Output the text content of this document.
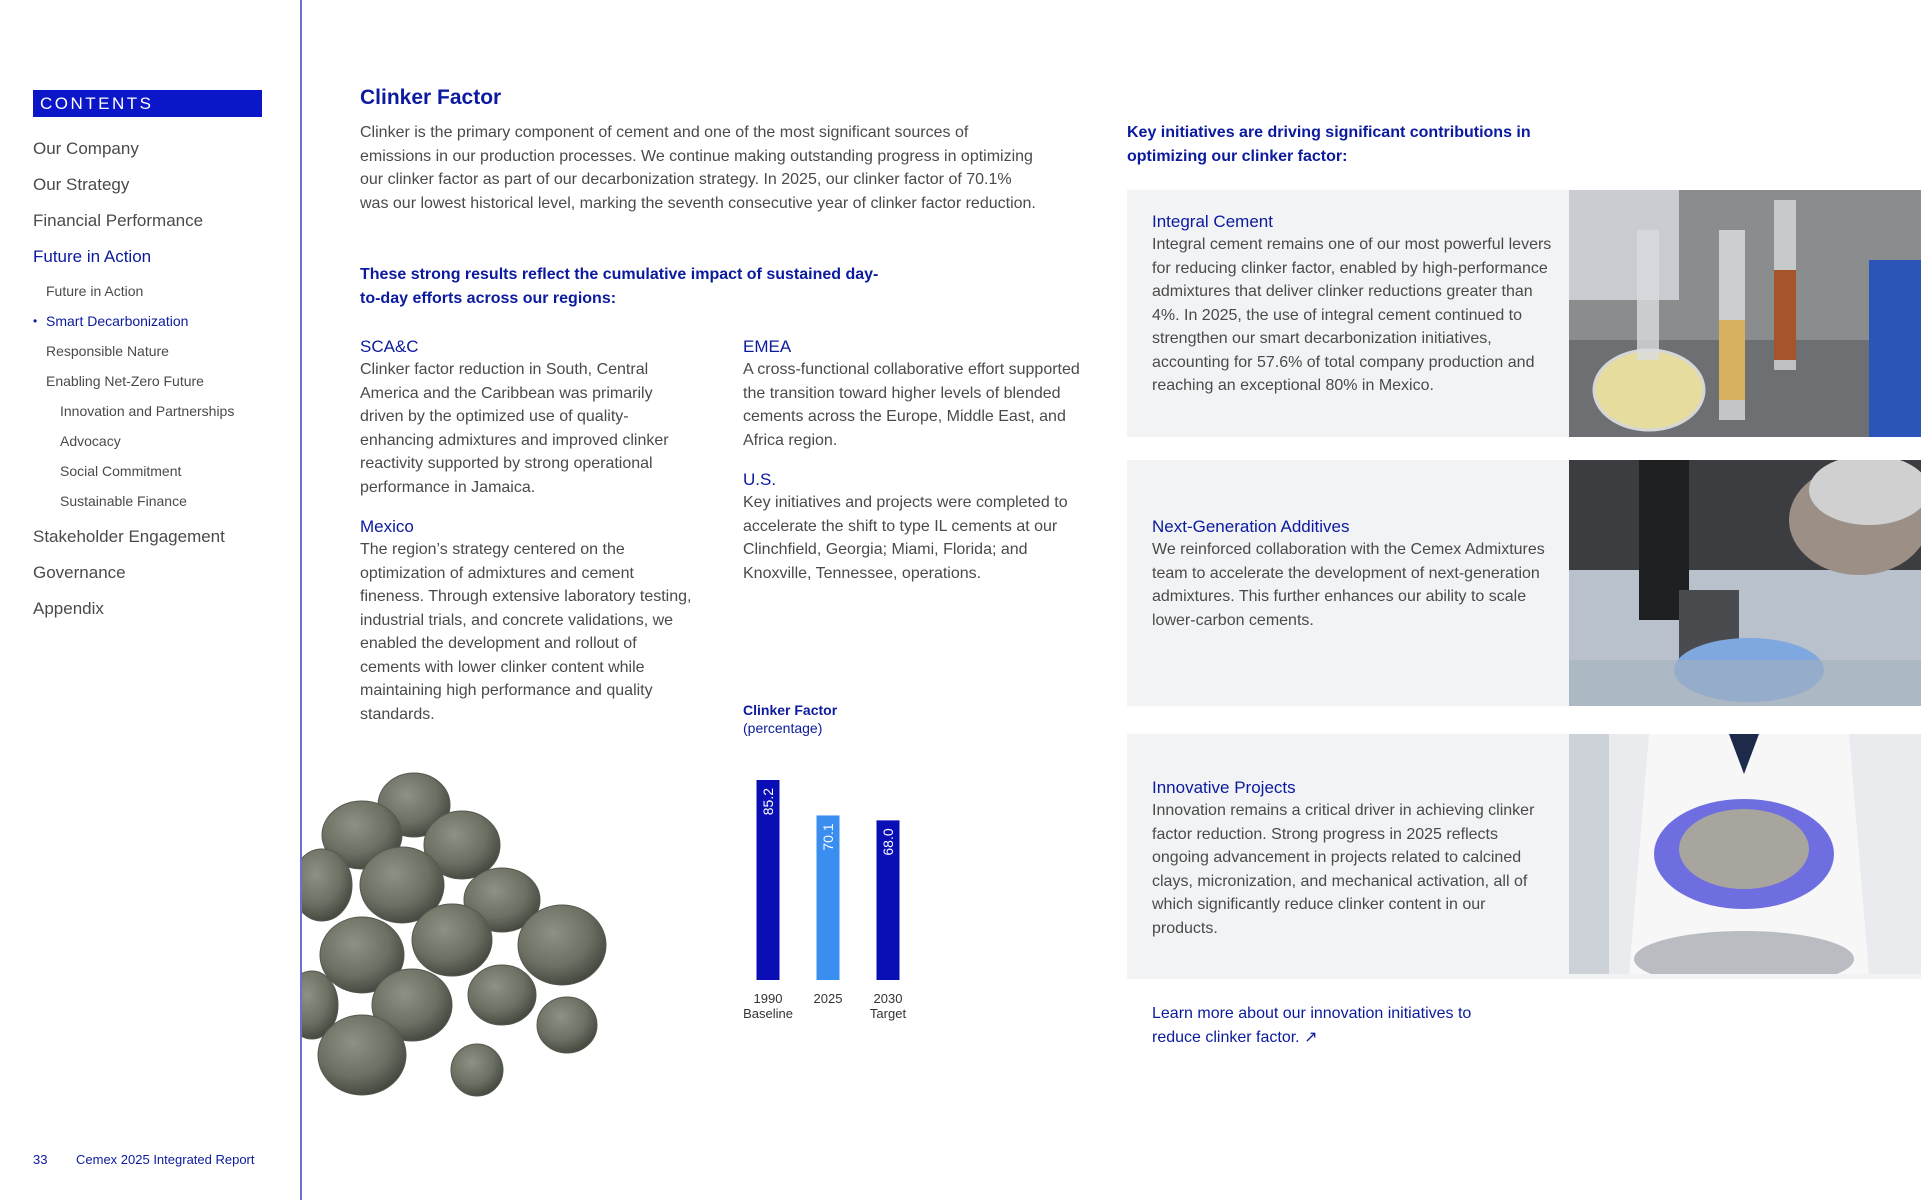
CONTENTS
Our Company
Our Strategy
Financial Performance
Future in Action
Future in Action
• Smart Decarbonization
Responsible Nature
Enabling Net-Zero Future
Innovation and Partnerships
Advocacy
Social Commitment
Sustainable Finance
Stakeholder Engagement
Governance
Appendix
33 Cemex 2025 Integrated Report
Clinker Factor

Clinker is the primary component of cement and one of the most significant sources of emissions in our production processes. We continue making outstanding progress in optimizing our clinker factor as part of our decarbonization strategy. In 2025, our clinker factor of 70.1% was our lowest historical level, marking the seventh consecutive year of clinker factor reduction.

These strong results reflect the cumulative impact of sustained day-to-day efforts across our regions:

SCA&C

Clinker factor reduction in South, Central America and the Caribbean was primarily driven by the optimized use of quality-enhancing admixtures and improved clinker reactivity supported by strong operational performance in Jamaica.

Mexico

The region’s strategy centered on the optimization of admixtures and cement fineness. Through extensive laboratory testing, industrial trials, and concrete validations, we enabled the development and rollout of cements with lower clinker content while maintaining high performance and quality standards.

EMEA

A cross-functional collaborative effort supported the transition toward higher levels of blended cements across the Europe, Middle East, and Africa region.

U.S.

Key initiatives and projects were completed to accelerate the shift to type IL cements at our Clinchfield, Georgia; Miami, Florida; and Knoxville, Tennessee, operations.

Clinker Factor
(percentage)
85.2
1990
Baseline
70.1
2025
68.0
2030
Target

Key initiatives are driving significant contributions in optimizing our clinker factor:

Integral Cement

Integral cement remains one of our most powerful levers for reducing clinker factor, enabled by high-performance admixtures that deliver clinker reductions greater than 4%. In 2025, the use of integral cement continued to strengthen our smart decarbonization initiatives, accounting for 57.6% of total company production and reaching an exceptional 80% in Mexico.

Next-Generation Additives

We reinforced collaboration with the Cemex Admixtures team to accelerate the development of next-generation admixtures. This further enhances our ability to scale lower-carbon cements.

Innovative Projects

Innovation remains a critical driver in achieving clinker factor reduction. Strong progress in 2025 reflects ongoing advancement in projects related to calcined clays, micronization, and mechanical activation, all of which significantly reduce clinker content in our products.

Learn more about our innovation initiatives to reduce clinker factor. ↗
